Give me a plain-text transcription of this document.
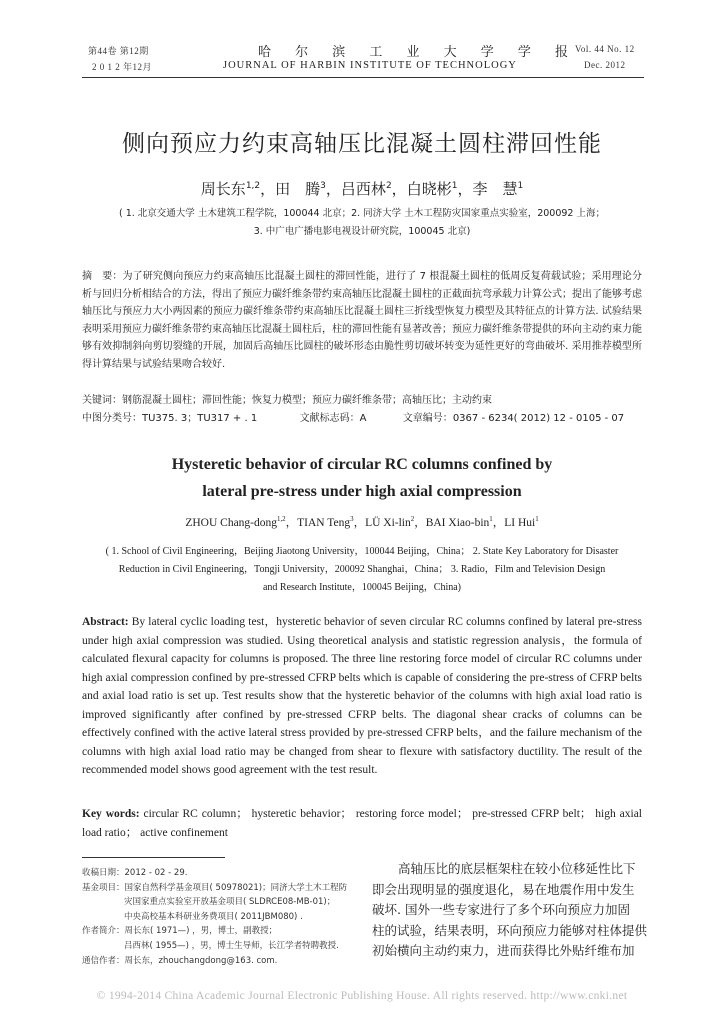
第44卷 第12期
2 0 1 2 年12月
哈 尔 滨 工 业 大 学 学 报
JOURNAL OF HARBIN INSTITUTE OF TECHNOLOGY
Vol. 44 No. 12
Dec. 2012
侧向预应力约束高轴压比混凝土圆柱滞回性能
周长东$^{1,2}$，田　腾$^3$，吕西林$^2$，白晓彬$^1$，李　慧$^1$
( 1. 北京交通大学 土木建筑工程学院，100044 北京；2. 同济大学 土木工程防灾国家重点实验室，200092 上海；
3. 中广电广播电影电视设计研究院，100045 北京)
摘　要：为了研究侧向预应力约束高轴压比混凝土圆柱的滞回性能，进行了 7 根混凝土圆柱的低周反复荷载试验；采用理论分析与回归分析相结合的方法，得出了预应力碳纤维条带约束高轴压比混凝土圆柱的正截面抗弯承载力计算公式；提出了能够考虑轴压比与预应力大小两因素的预应力碳纤维条带约束高轴压比混凝土圆柱三折线型恢复力模型及其特征点的计算方法. 试验结果表明采用预应力碳纤维条带约束高轴压比混凝土圆柱后，柱的滞回性能有显著改善；预应力碳纤维条带提供的环向主动约束力能够有效抑制斜向剪切裂缝的开展，加固后高轴压比圆柱的破坏形态由脆性剪切破坏转变为延性更好的弯曲破坏. 采用推荐模型所得计算结果与试验结果吻合较好.
关键词：钢筋混凝土圆柱；滞回性能；恢复力模型；预应力碳纤维条带；高轴压比；主动约束
中图分类号：TU375. 3；TU317 + . 1	文献标志码：A	文章编号：0367 - 6234( 2012) 12 - 0105 - 07
Hysteretic behavior of circular RC columns confined by
lateral pre-stress under high axial compression
ZHOU Chang-dong$^{1,2}$，TIAN Teng$^3$，LÜ Xi-lin$^2$，BAI Xiao-bin$^1$，LI Hui$^1$
( 1. School of Civil Engineering，Beijing Jiaotong University，100044 Beijing，China； 2. State Key Laboratory for Disaster
Reduction in Civil Engineering，Tongji University，200092 Shanghai，China； 3. Radio，Film and Television Design
and Research Institute，100045 Beijing，China)
Abstract: By lateral cyclic loading test，hysteretic behavior of seven circular RC columns confined by lateral pre-stress under high axial compression was studied. Using theoretical analysis and statistic regression analysis，the formula of calculated flexural capacity for columns is proposed. The three line restoring force model of circular RC columns under high axial compression confined by pre-stressed CFRP belts which is capable of considering the pre-stress of CFRP belts and axial load ratio is set up. Test results show that the hysteretic behavior of the columns with high axial load ratio is improved significantly after confined by pre-stressed CFRP belts. The diagonal shear cracks of columns can be effectively confined with the active lateral stress provided by pre-stressed CFRP belts，and the failure mechanism of the columns with high axial load ratio may be changed from shear to flexure with satisfactory ductility. The result of the recommended model shows good agreement with the test result.
Key words: circular RC column； hysteretic behavior； restoring force model； pre-stressed CFRP belt； high axial load ratio； active confinement
收稿日期：2012 - 02 - 29.
基金项目：国家自然科学基金项目( 50978021)；同济大学土木工程防
灾国家重点实验室开放基金项目( SLDRCE08-MB-01)；
中央高校基本科研业务费项目( 2011JBM080) .
作者简介：周长东( 1971—) ，男，博士，副教授；
吕西林( 1955—) ，男，博士生导师，长江学者特聘教授.
通信作者：周长东，zhouchangdong@163. com.
高轴压比的底层框架柱在较小位移延性比下
即会出现明显的强度退化，易在地震作用中发生
破坏. 国外一些专家进行了多个环向预应力加固
柱的试验，结果表明，环向预应力能够对柱体提供
初始横向主动约束力，进而获得比外贴纤维布加
© 1994-2014 China Academic Journal Electronic Publishing House. All rights reserved. http://www.cnki.net
